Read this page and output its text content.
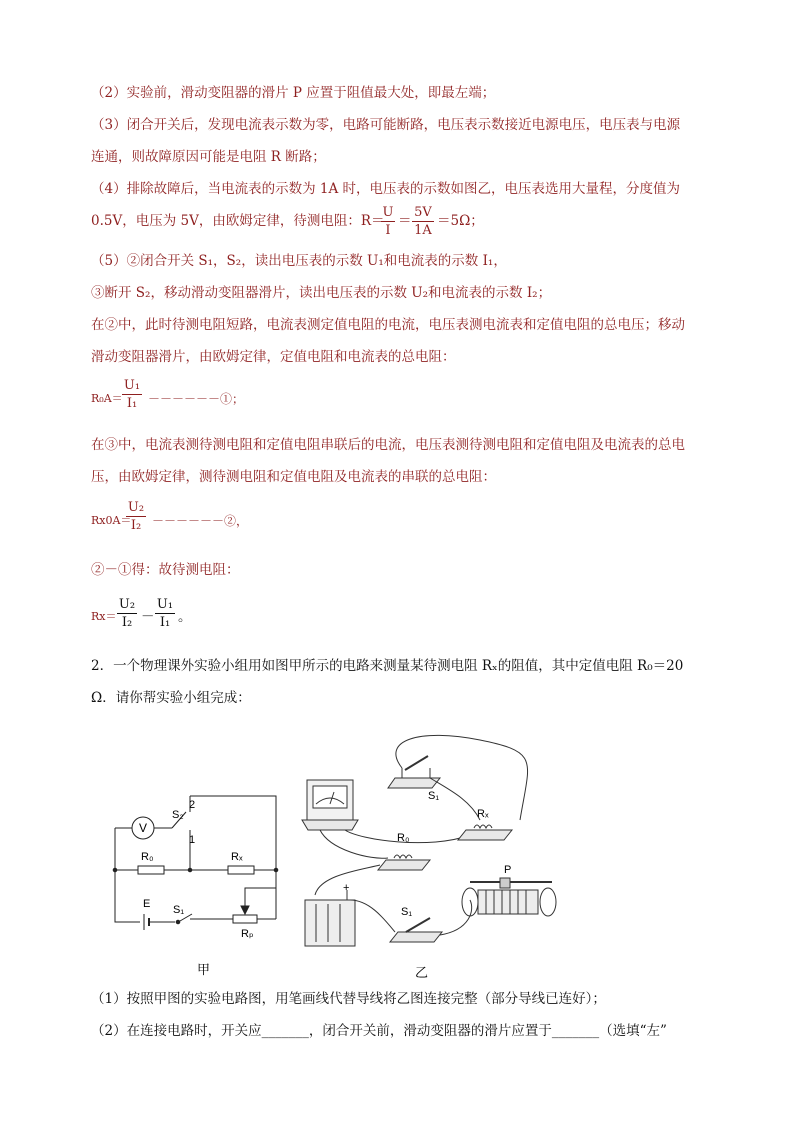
（2）实验前，滑动变阻器的滑片 P 应置于阻值最大处，即最左端；
（3）闭合开关后，发现电流表示数为零，电路可能断路，电压表示数接近电源电压，电压表与电源
连通，则故障原因可能是电阻 R 断路；
（4）排除故障后，当电流表的示数为 1A 时，电压表的示数如图乙，电压表选用大量程，分度值为
0.5V，电压为 5V，由欧姆定律，待测电阻：R＝
U
I
＝
5V
1A
＝5Ω；
（5）②闭合开关 S₁，S₂，读出电压表的示数 U₁和电流表的示数 I₁，
③断开 S₂，移动滑动变阻器滑片，读出电压表的示数 U₂和电流表的示数 I₂；
在②中，此时待测电阻短路，电流表测定值电阻的电流，电压表测电流表和定值电阻的总电压；移动
滑动变阻器滑片，由欧姆定律，定值电阻和电流表的总电阻：
R₀A＝
U₁
I₁ －－－－－－①；
在③中，电流表测待测电阻和定值电阻串联后的电流，电压表测待测电阻和定值电阻及电流表的总电
压，由欧姆定律，测待测电阻和定值电阻及电流表的串联的总电阻：
Rx0A＝
U₂
I₂ －－－－－－②，
②－①得：故待测电阻：
Rx＝
U₂
I₂ －
U₁
I₁ 。
2．一个物理课外实验小组用如图甲所示的电路来测量某待测电阻 Rₓ的阻值，其中定值电阻 R₀＝20
Ω．请你帮实验小组完成：
V
S₂
2
1
R₀	Rₓ
E S₁
Rₚ
甲
S₁
Rₓ
R₀
P
+
S₁
乙
（1）按照甲图的实验电路图，用笔画线代替导线将乙图连接完整（部分导线已连好）；
（2）在连接电路时，开关应_______，闭合开关前，滑动变阻器的滑片应置于_______（选填“左”
